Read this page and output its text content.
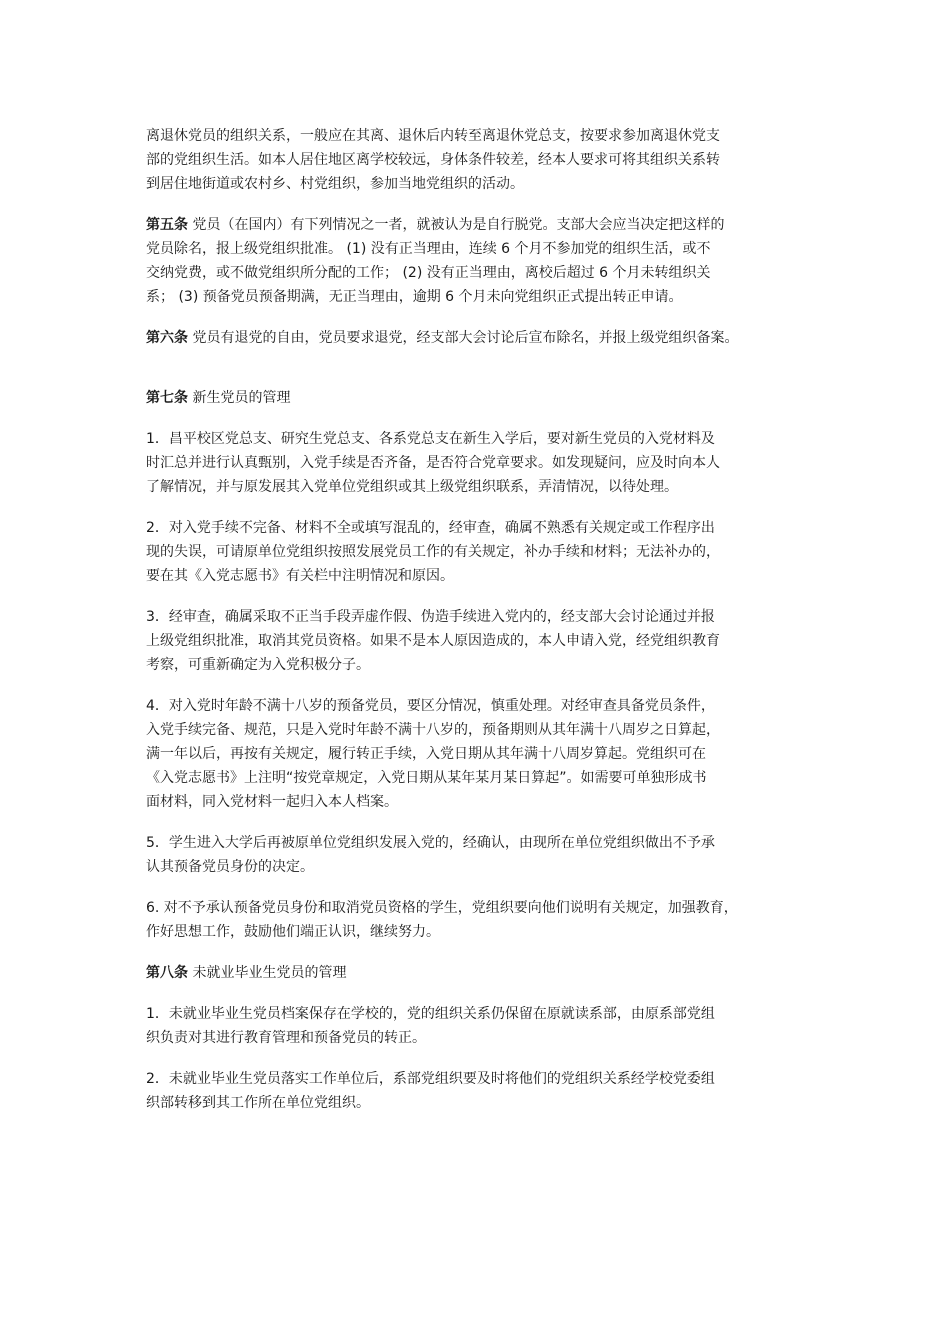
离退休党员的组织关系，一般应在其离、退休后内转至离退休党总支，按要求参加离退休党支
部的党组织生活。如本人居住地区离学校较远，身体条件较差，经本人要求可将其组织关系转
到居住地街道或农村乡、村党组织，参加当地党组织的活动。

第五条 党员（在国内）有下列情况之一者，就被认为是自行脱党。支部大会应当决定把这样的
党员除名，报上级党组织批准。 (1) 没有正当理由，连续 6 个月不参加党的组织生活，或不
交纳党费，或不做党组织所分配的工作； (2) 没有正当理由，离校后超过 6 个月未转组织关
系； (3) 预备党员预备期满，无正当理由，逾期 6 个月未向党组织正式提出转正申请。

第六条 党员有退党的自由，党员要求退党，经支部大会讨论后宣布除名，并报上级党组织备案。

第七条 新生党员的管理

1．昌平校区党总支、研究生党总支、各系党总支在新生入学后，要对新生党员的入党材料及
时汇总并进行认真甄别，入党手续是否齐备，是否符合党章要求。如发现疑问，应及时向本人
了解情况，并与原发展其入党单位党组织或其上级党组织联系，弄清情况，以待处理。

2．对入党手续不完备、材料不全或填写混乱的，经审查，确属不熟悉有关规定或工作程序出
现的失误，可请原单位党组织按照发展党员工作的有关规定，补办手续和材料；无法补办的，
要在其《入党志愿书》有关栏中注明情况和原因。

3．经审查，确属采取不正当手段弄虚作假、伪造手续进入党内的，经支部大会讨论通过并报
上级党组织批准，取消其党员资格。如果不是本人原因造成的，本人申请入党，经党组织教育
考察，可重新确定为入党积极分子。

4．对入党时年龄不满十八岁的预备党员，要区分情况，慎重处理。对经审查具备党员条件，
入党手续完备、规范，只是入党时年龄不满十八岁的，预备期则从其年满十八周岁之日算起，
满一年以后，再按有关规定，履行转正手续，入党日期从其年满十八周岁算起。党组织可在
《入党志愿书》上注明“按党章规定，入党日期从某年某月某日算起”。如需要可单独形成书
面材料，同入党材料一起归入本人档案。

5．学生进入大学后再被原单位党组织发展入党的，经确认，由现所在单位党组织做出不予承
认其预备党员身份的决定。

6. 对不予承认预备党员身份和取消党员资格的学生，党组织要向他们说明有关规定，加强教育，
作好思想工作，鼓励他们端正认识，继续努力。

第八条 未就业毕业生党员的管理

1．未就业毕业生党员档案保存在学校的，党的组织关系仍保留在原就读系部，由原系部党组
织负责对其进行教育管理和预备党员的转正。

2．未就业毕业生党员落实工作单位后，系部党组织要及时将他们的党组织关系经学校党委组
织部转移到其工作所在单位党组织。
